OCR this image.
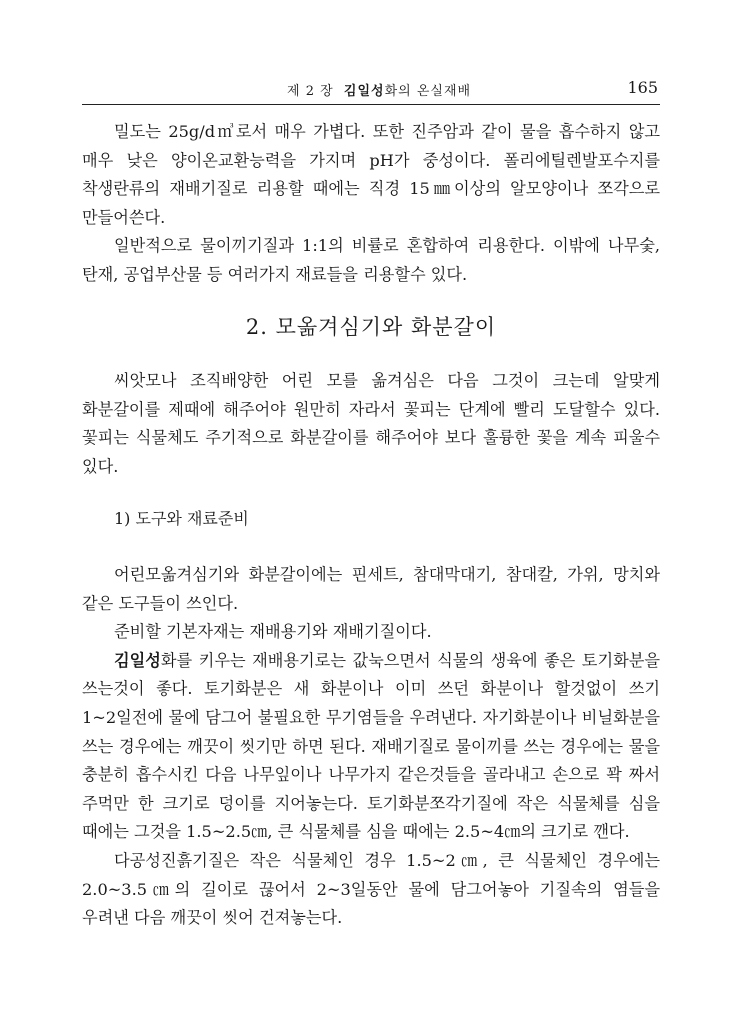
제 2 장 김일성화의 온실재배	165

밀도는 25g/d㎥로서 매우 가볍다. 또한 진주암과 같이 물을 흡수하지 않고 매우 낮은 양이온교환능력을 가지며 pH가 중성이다. 폴리에틸렌발포수지를 착생란류의 재배기질로 리용할 때에는 직경 15㎜이상의 알모양이나 쪼각으로 만들어쓴다.

일반적으로 물이끼기질과 1:1의 비률로 혼합하여 리용한다. 이밖에 나무숯, 탄재, 공업부산물 등 여러가지 재료들을 리용할수 있다.

2. 모옮겨심기와 화분갈이

씨앗모나 조직배양한 어린 모를 옮겨심은 다음 그것이 크는데 알맞게 화분갈이를 제때에 해주어야 원만히 자라서 꽃피는 단계에 빨리 도달할수 있다. 꽃피는 식물체도 주기적으로 화분갈이를 해주어야 보다 훌륭한 꽃을 계속 피울수 있다.

1) 도구와 재료준비

어린모옮겨심기와 화분갈이에는 핀세트, 참대막대기, 참대칼, 가위, 망치와 같은 도구들이 쓰인다.

준비할 기본자재는 재배용기와 재배기질이다.

김일성화를 키우는 재배용기로는 값눅으면서 식물의 생육에 좋은 토기화분을 쓰는것이 좋다. 토기화분은 새 화분이나 이미 쓰던 화분이나 할것없이 쓰기 1~2일전에 물에 담그어 불필요한 무기염들을 우려낸다. 자기화분이나 비닐화분을 쓰는 경우에는 깨끗이 씻기만 하면 된다. 재배기질로 물이끼를 쓰는 경우에는 물을 충분히 흡수시킨 다음 나무잎이나 나무가지 같은것들을 골라내고 손으로 꽉 짜서 주먹만 한 크기로 덩이를 지어놓는다. 토기화분쪼각기질에 작은 식물체를 심을 때에는 그것을 1.5~2.5㎝, 큰 식물체를 심을 때에는 2.5~4㎝의 크기로 깬다.

다공성진흙기질은 작은 식물체인 경우 1.5~2㎝, 큰 식물체인 경우에는 2.0~3.5㎝의 길이로 끊어서 2~3일동안 물에 담그어놓아 기질속의 염들을 우려낸 다음 깨끗이 씻어 건져놓는다.
